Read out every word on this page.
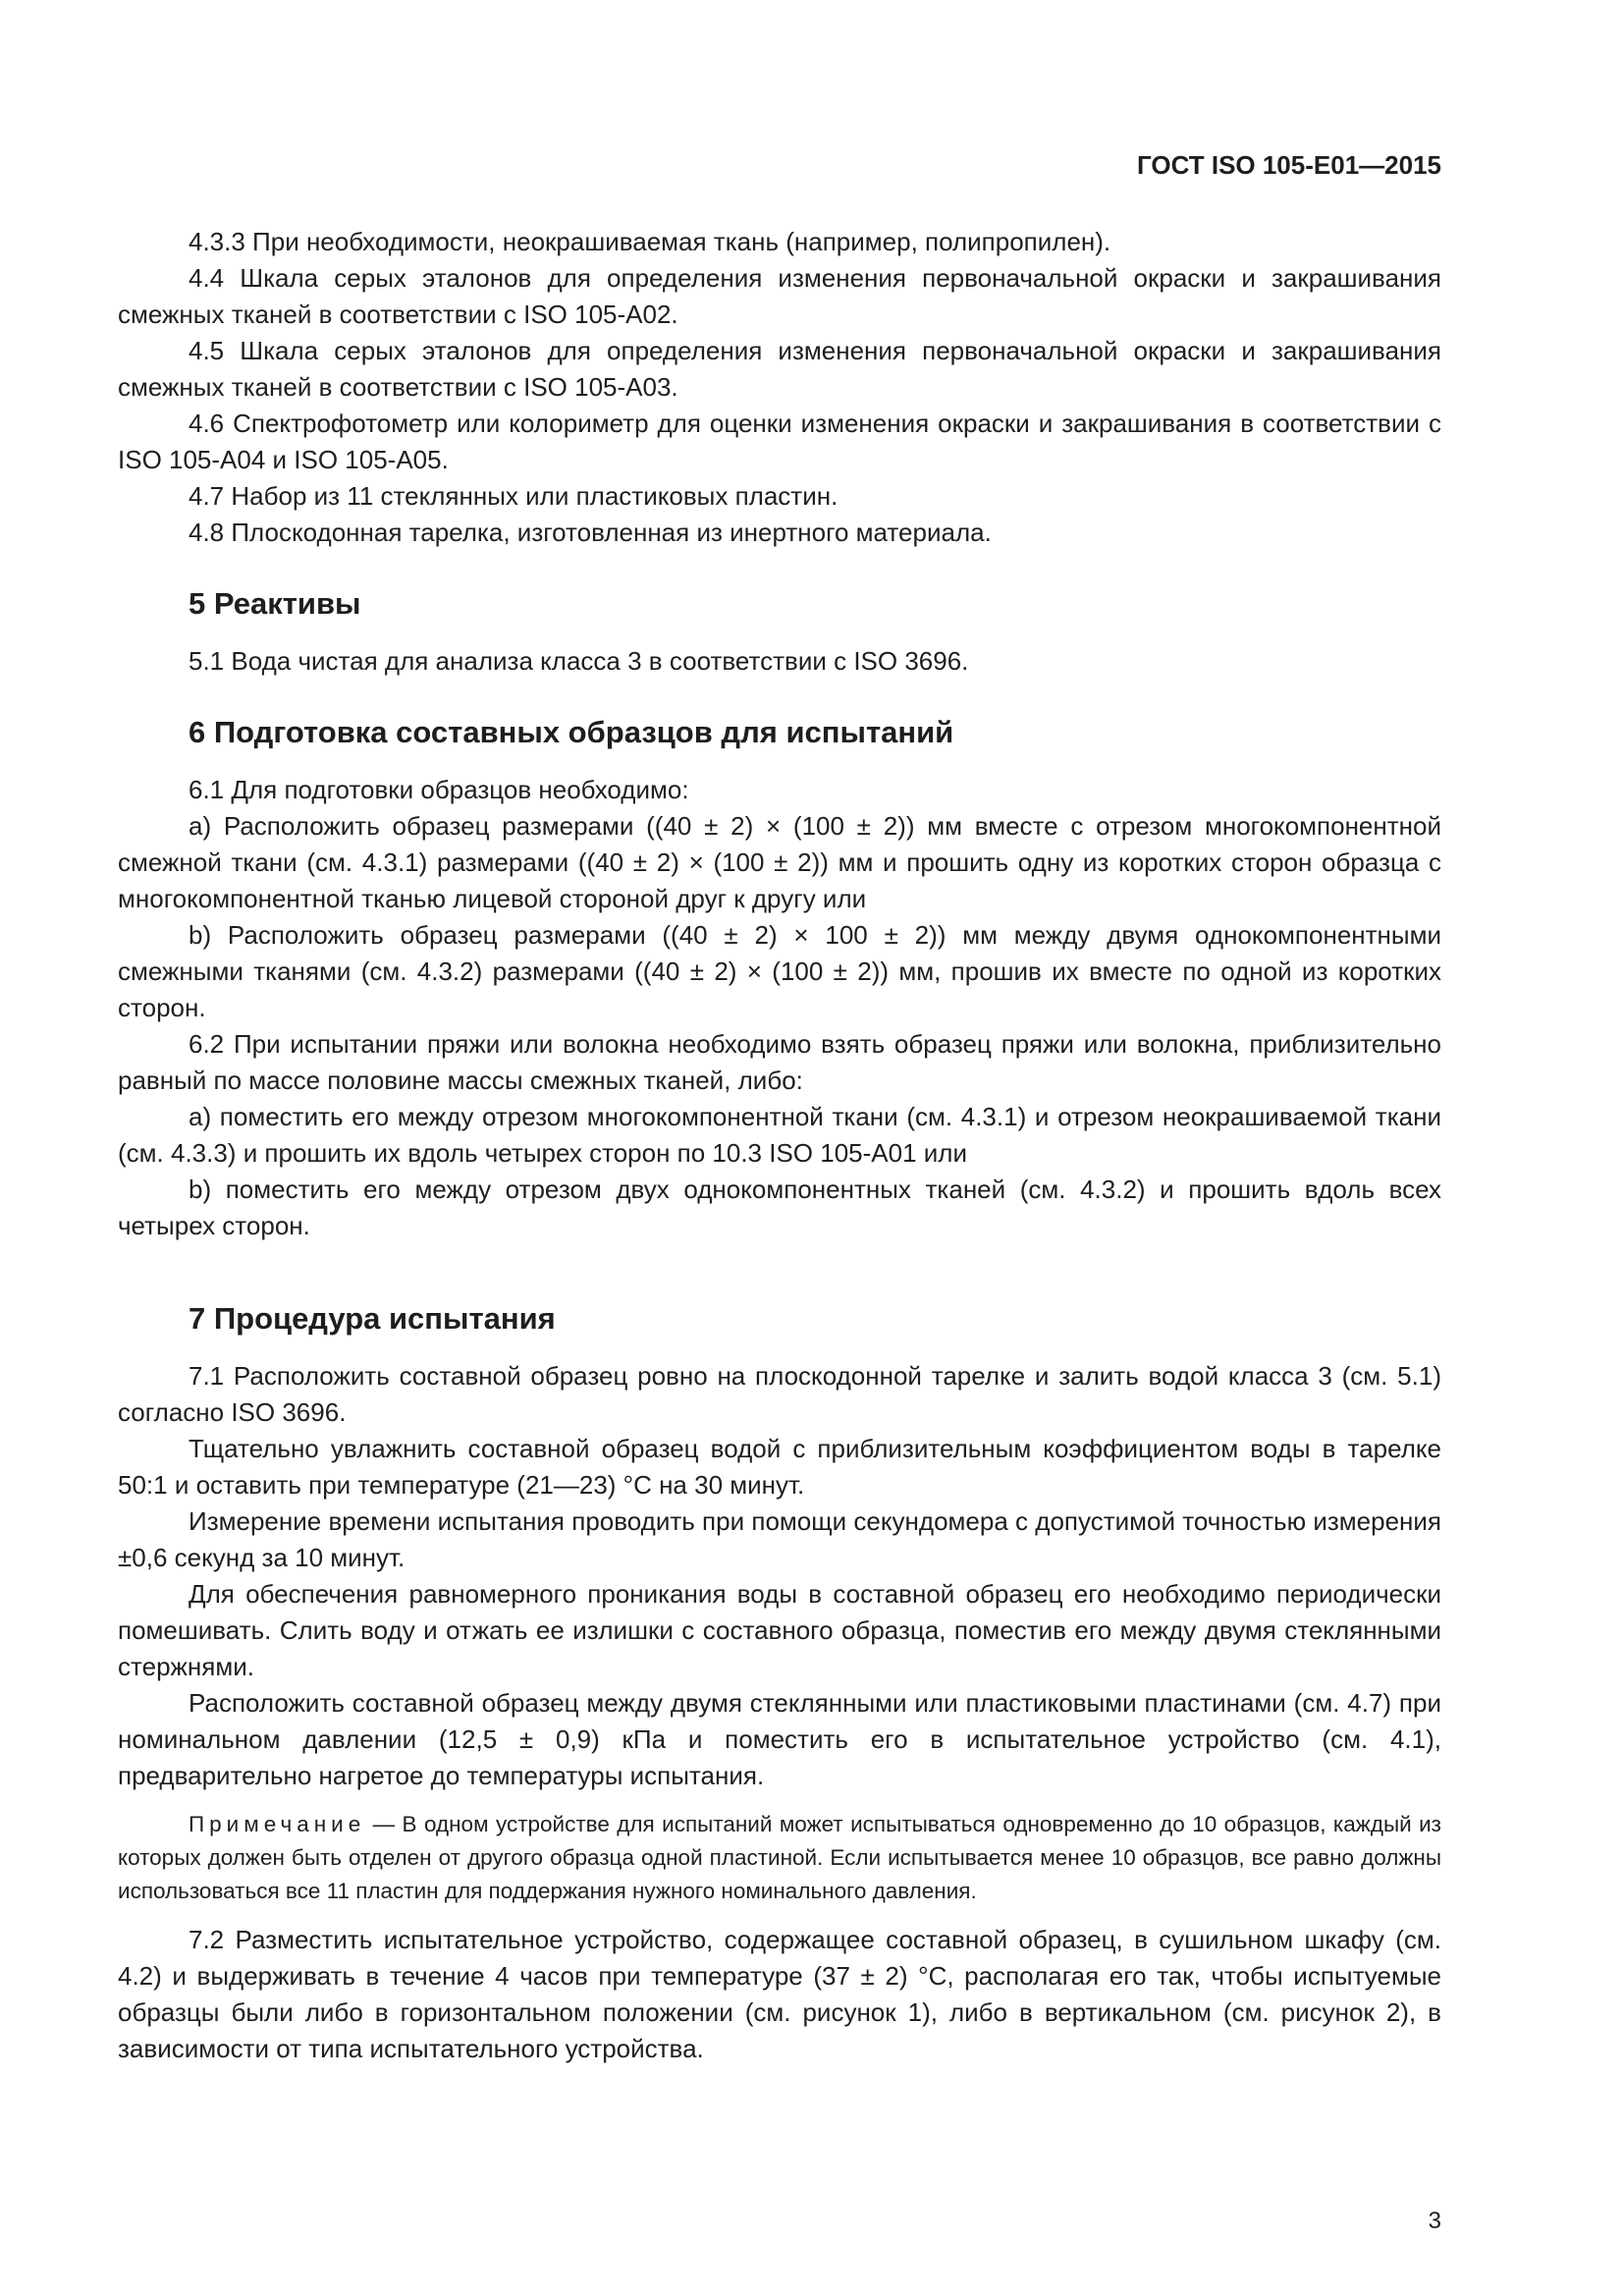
ГОСТ ISO 105-E01—2015

4.3.3 При необходимости, неокрашиваемая ткань (например, полипропилен).

4.4 Шкала серых эталонов для определения изменения первоначальной окраски и закрашивания смежных тканей в соответствии с ISO 105-A02.

4.5 Шкала серых эталонов для определения изменения первоначальной окраски и закрашивания смежных тканей в соответствии с ISO 105-A03.

4.6 Спектрофотометр или колориметр для оценки изменения окраски и закрашивания в соответствии с ISO 105-A04 и ISO 105-A05.

4.7 Набор из 11 стеклянных или пластиковых пластин.

4.8 Плоскодонная тарелка, изготовленная из инертного материала.

5 Реактивы

5.1 Вода чистая для анализа класса 3 в соответствии с ISO 3696.

6 Подготовка составных образцов для испытаний

6.1 Для подготовки образцов необходимо:

a) Расположить образец размерами ((40 ± 2) × (100 ± 2)) мм вместе с отрезом многокомпонентной смежной ткани (см. 4.3.1) размерами ((40 ± 2) × (100 ± 2)) мм и прошить одну из коротких сторон образца с многокомпонентной тканью лицевой стороной друг к другу или

b) Расположить образец размерами ((40 ± 2) × 100 ± 2)) мм между двумя однокомпонентными смежными тканями (см. 4.3.2) размерами ((40 ± 2) × (100 ± 2)) мм, прошив их вместе по одной из коротких сторон.

6.2 При испытании пряжи или волокна необходимо взять образец пряжи или волокна, приблизительно равный по массе половине массы смежных тканей, либо:

a) поместить его между отрезом многокомпонентной ткани (см. 4.3.1) и отрезом неокрашиваемой ткани (см. 4.3.3) и прошить их вдоль четырех сторон по 10.3 ISO 105-A01 или

b) поместить его между отрезом двух однокомпонентных тканей (см. 4.3.2) и прошить вдоль всех четырех сторон.

7 Процедура испытания

7.1 Расположить составной образец ровно на плоскодонной тарелке и залить водой класса 3 (см. 5.1) согласно ISO 3696.

Тщательно увлажнить составной образец водой с приблизительным коэффициентом воды в тарелке 50:1 и оставить при температуре (21—23) °C на 30 минут.

Измерение времени испытания проводить при помощи секундомера с допустимой точностью измерения ±0,6 секунд за 10 минут.

Для обеспечения равномерного проникания воды в составной образец его необходимо периодически помешивать. Слить воду и отжать ее излишки с составного образца, поместив его между двумя стеклянными стержнями.

Расположить составной образец между двумя стеклянными или пластиковыми пластинами (см. 4.7) при номинальном давлении (12,5 ± 0,9) кПа и поместить его в испытательное устройство (см. 4.1), предварительно нагретое до температуры испытания.

Примечание — В одном устройстве для испытаний может испытываться одновременно до 10 образцов, каждый из которых должен быть отделен от другого образца одной пластиной. Если испытывается менее 10 образцов, все равно должны использоваться все 11 пластин для поддержания нужного номинального давления.

7.2 Разместить испытательное устройство, содержащее составной образец, в сушильном шкафу (см. 4.2) и выдерживать в течение 4 часов при температуре (37 ± 2) °C, располагая его так, чтобы испытуемые образцы были либо в горизонтальном положении (см. рисунок 1), либо в вертикальном (см. рисунок 2), в зависимости от типа испытательного устройства.

3
